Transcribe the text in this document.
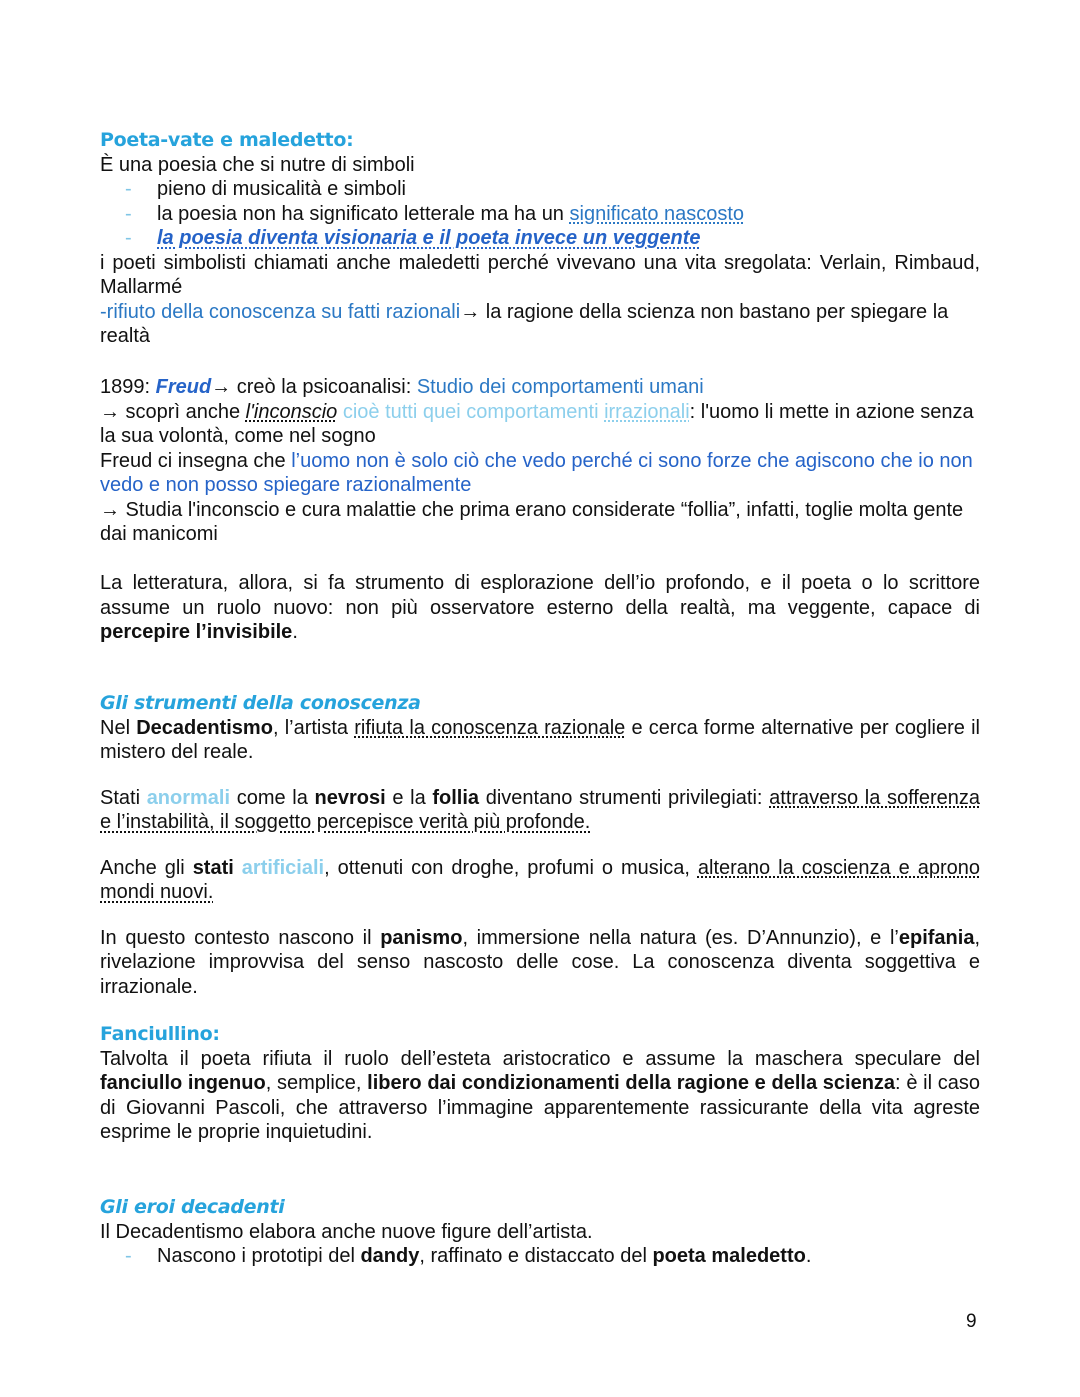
Poeta-vate e maledetto:
È una poesia che si nutre di simboli
- pieno di musicalità e simboli
- la poesia non ha significato letterale ma ha un significato nascosto
- la poesia diventa visionaria e il poeta invece un veggente
i poeti simbolisti chiamati anche maledetti perché vivevano una vita sregolata: Verlain, Rimbaud, Mallarmé
-rifiuto della conoscenza su fatti razionali→ la ragione della scienza non bastano per spiegare la realtà
1899: Freud→ creò la psicoanalisi: Studio dei comportamenti umani
→ scoprì anche l'inconscio cioè tutti quei comportamenti irrazionali: l'uomo li mette in azione senza la sua volontà, come nel sogno
Freud ci insegna che l’uomo non è solo ciò che vedo perché ci sono forze che agiscono che io non vedo e non posso spiegare razionalmente
→ Studia l'inconscio e cura malattie che prima erano considerate “follia”, infatti, toglie molta gente dai manicomi
La letteratura, allora, si fa strumento di esplorazione dell’io profondo, e il poeta o lo scrittore assume un ruolo nuovo: non più osservatore esterno della realtà, ma veggente, capace di percepire l’invisibile.
Gli strumenti della conoscenza
Nel Decadentismo, l’artista rifiuta la conoscenza razionale e cerca forme alternative per cogliere il mistero del reale.
Stati anormali come la nevrosi e la follia diventano strumenti privilegiati: attraverso la sofferenza e l’instabilità, il soggetto percepisce verità più profonde.
Anche gli stati artificiali, ottenuti con droghe, profumi o musica, alterano la coscienza e aprono mondi nuovi.
In questo contesto nascono il panismo, immersione nella natura (es. D’Annunzio), e l’epifania, rivelazione improvvisa del senso nascosto delle cose. La conoscenza diventa soggettiva e irrazionale.
Fanciullino:
Talvolta il poeta rifiuta il ruolo dell’esteta aristocratico e assume la maschera speculare del fanciullo ingenuo, semplice, libero dai condizionamenti della ragione e della scienza: è il caso di Giovanni Pascoli, che attraverso l’immagine apparentemente rassicurante della vita agreste esprime le proprie inquietudini.
Gli eroi decadenti
Il Decadentismo elabora anche nuove figure dell’artista.
- Nascono i prototipi del dandy, raffinato e distaccato del poeta maledetto.
9
